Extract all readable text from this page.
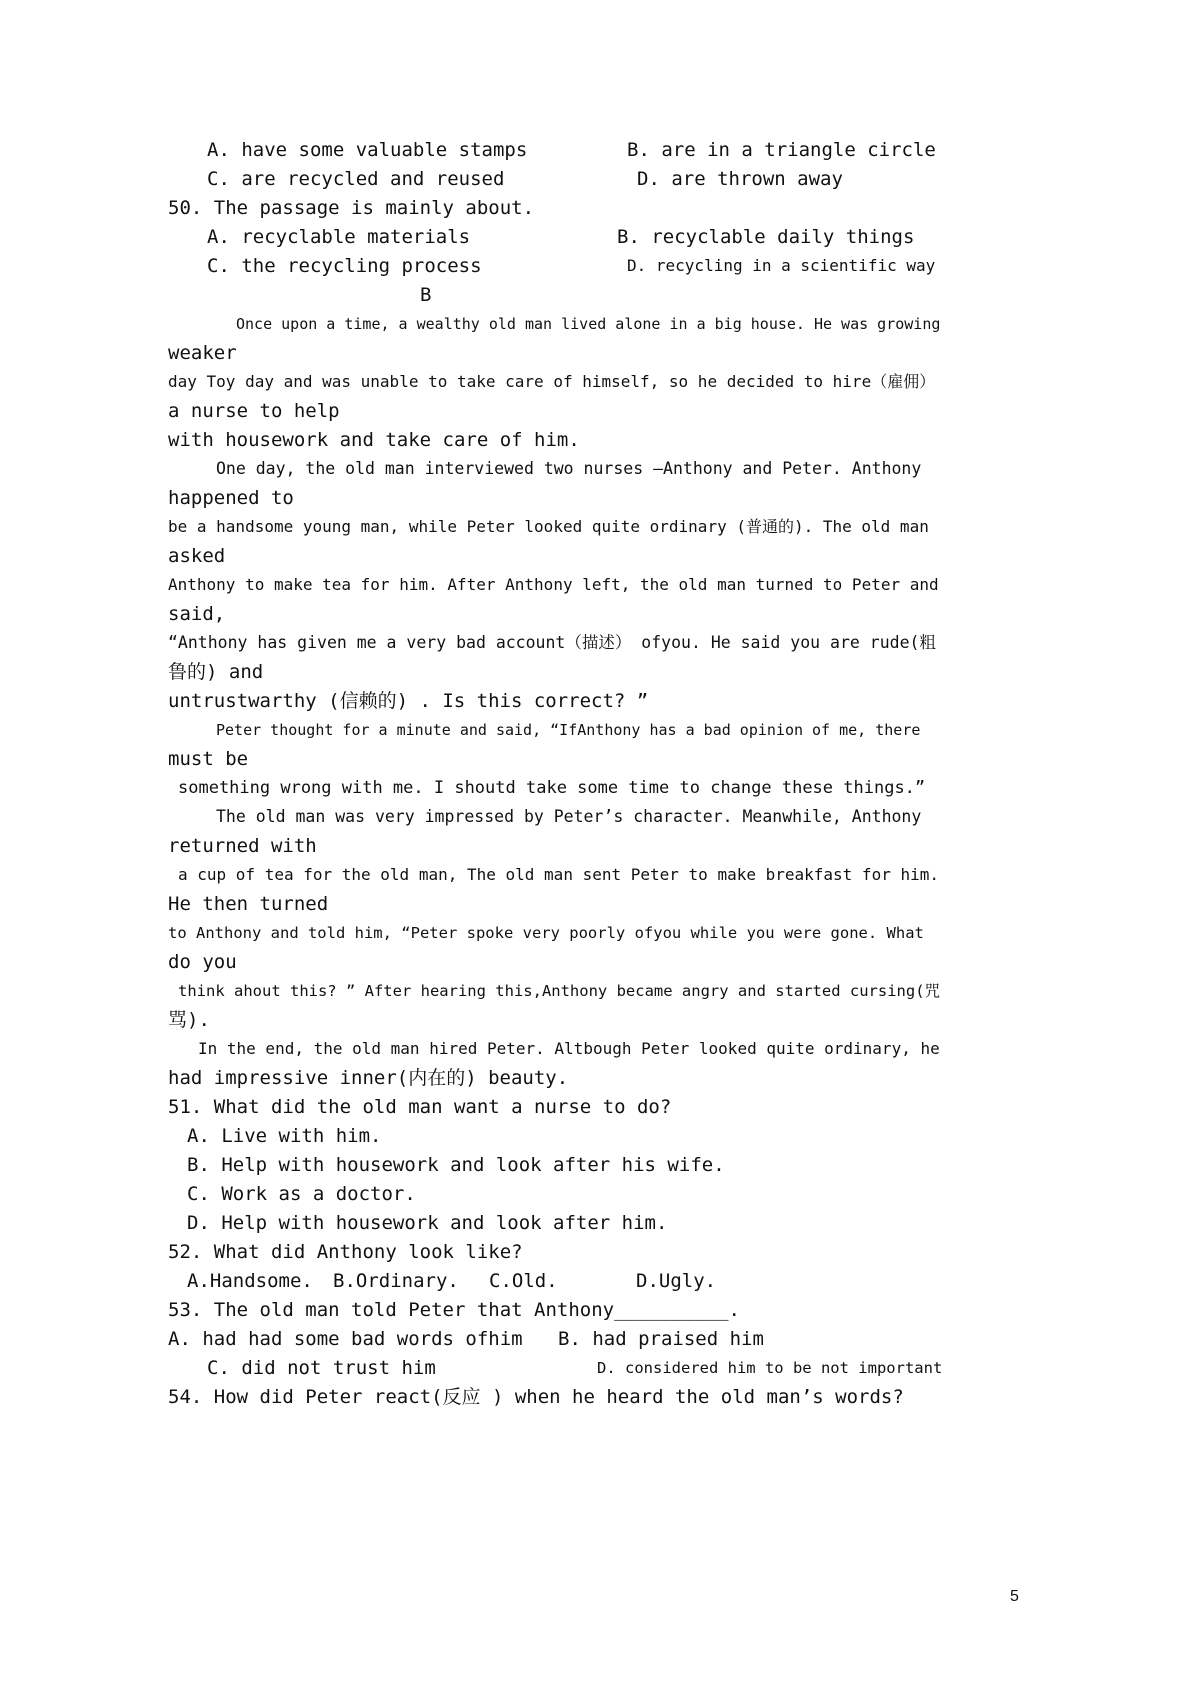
A. have some valuable stamps	B. are in a triangle circle
C. are recycled and reused	D. are thrown away
50. The passage is mainly about.
A. recyclable materials	B. recyclable daily things
C. the recycling process	D. recycling in a scientific way
B
Once upon a time, a wealthy old man lived alone in a big house. He was growing
weaker
day Toy day and was unable to take care of himself, so he decided to hire（雇佣）
a nurse to help
with housework and take care of him.
One day, the old man interviewed two nurses —Anthony and Peter. Anthony
happened to
be a handsome young man, while Peter looked quite ordinary (普通的). The old man
asked
Anthony to make tea for him. After Anthony left, the old man turned to Peter and
said,
“Anthony has given me a very bad account（描述） ofyou. He said you are rude(粗
鲁的) and
untrustwarthy (信赖的) . Is this correct? ”
Peter thought for a minute and said, “IfAnthony has a bad opinion of me, there
must be
something wrong with me. I shoutd take some time to change these things.”
The old man was very impressed by Peter’s character. Meanwhile, Anthony
returned with
a cup of tea for the old man, The old man sent Peter to make breakfast for him.
He then turned
to Anthony and told him, “Peter spoke very poorly ofyou while you were gone. What
do you
think ahout this? ” After hearing this,Anthony became angry and started cursing(咒
骂).
In the end, the old man hired Peter. Altbough Peter looked quite ordinary, he
had impressive inner(内在的) beauty.
51. What did the old man want a nurse to do?
A. Live with him.
B. Help with housework and look after his wife.
C. Work as a doctor.
D. Help with housework and look after him.
52. What did Anthony look like?
A.Handsome. B.Ordinary. C.Old.	D.Ugly.
53. The old man told Peter that Anthony__________.
A. had had some bad words ofhim B. had praised him
C. did not trust him	D. considered him to be not important
54. How did Peter react(反应 ) when he heard the old man’s words?
5
